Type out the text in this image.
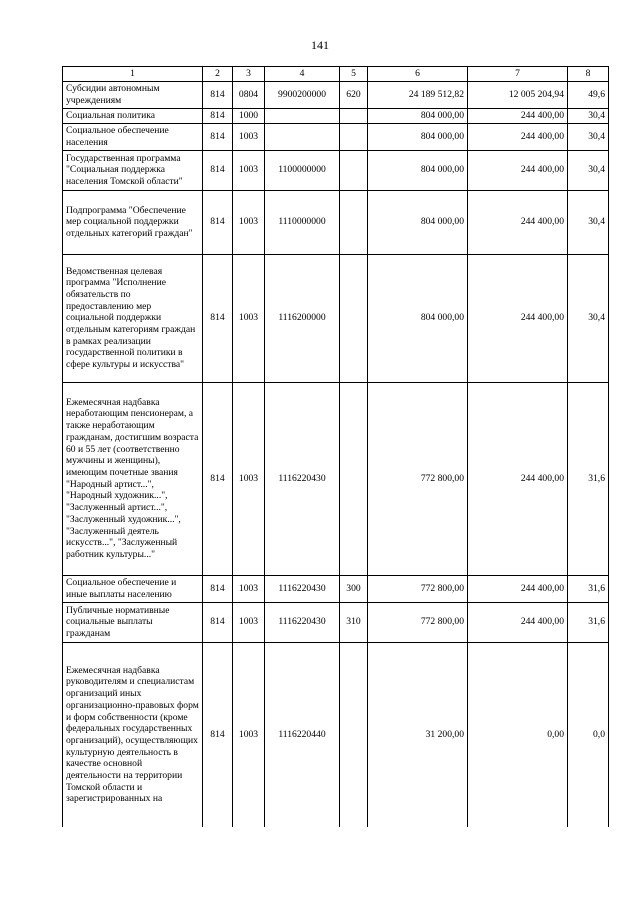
141
1	2	3	4	5	6	7	8
Субсидии автономным учреждениям	814	0804	9900200000	620	24 189 512,82	12 005 204,94	49,6
Социальная политика	814	1000			804 000,00	244 400,00	30,4
Социальное обеспечение населения	814	1003			804 000,00	244 400,00	30,4
Государственная программа "Социальная поддержка населения Томской области"	814	1003	1100000000		804 000,00	244 400,00	30,4
Подпрограмма "Обеспечение мер социальной поддержки отдельных категорий граждан"	814	1003	1110000000		804 000,00	244 400,00	30,4
Ведомственная целевая программа "Исполнение обязательств по предоставлению мер социальной поддержки отдельным категориям граждан в рамках реализации государственной политики в сфере культуры и искусства"	814	1003	1116200000		804 000,00	244 400,00	30,4
Ежемесячная надбавка неработающим пенсионерам, а также неработающим гражданам, достигшим возраста 60 и 55 лет (соответственно мужчины и женщины), имеющим почетные звания "Народный артист...", "Народный художник...", "Заслуженный артист...", "Заслуженный художник...", "Заслуженный деятель искусств...", "Заслуженный работник культуры..."	814	1003	1116220430		772 800,00	244 400,00	31,6
Социальное обеспечение и иные выплаты населению	814	1003	1116220430	300	772 800,00	244 400,00	31,6
Публичные нормативные социальные выплаты гражданам	814	1003	1116220430	310	772 800,00	244 400,00	31,6
Ежемесячная надбавка руководителям и специалистам организаций иных организационно-правовых форм и форм собственности (кроме федеральных государственных организаций), осуществляющих культурную деятельность в качестве основной деятельности на территории Томской области и зарегистрированных на	814	1003	1116220440		31 200,00	0,00	0,0
